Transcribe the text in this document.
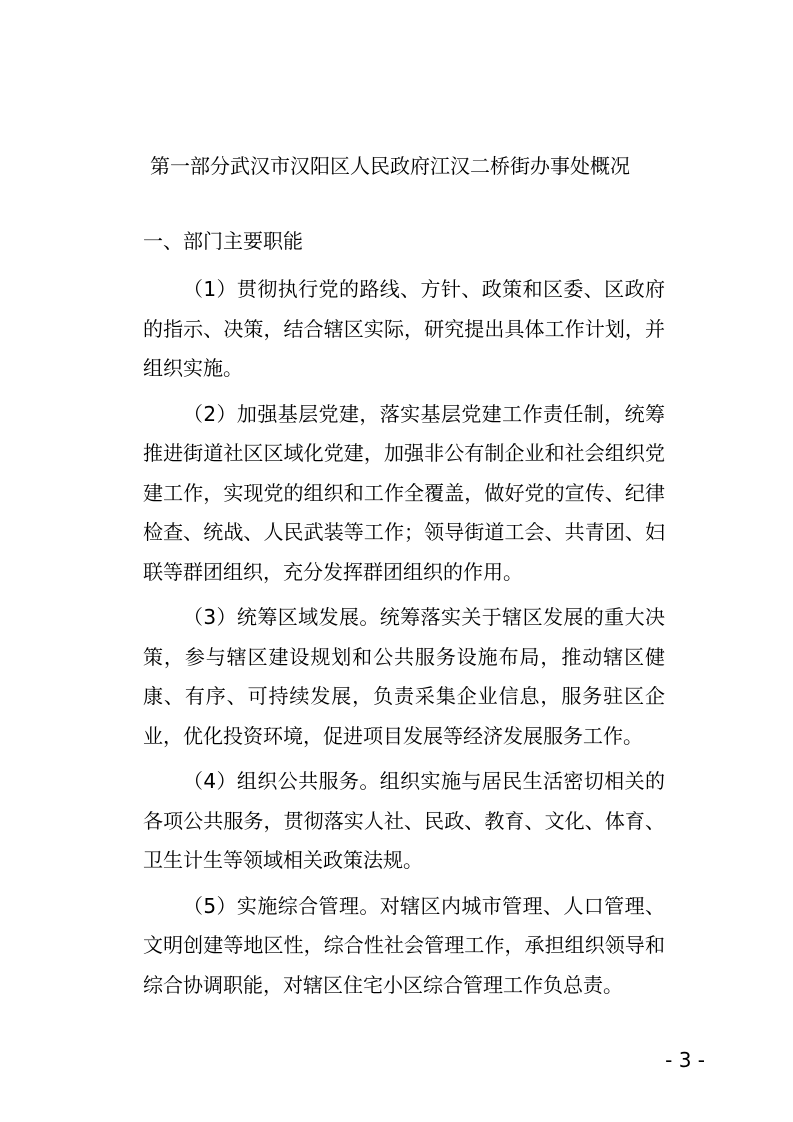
第一部分武汉市汉阳区人民政府江汉二桥街办事处概况
一、部门主要职能

（1）贯彻执行党的路线、方针、政策和区委、区政府的指示、决策，结合辖区实际，研究提出具体工作计划，并组织实施。

（2）加强基层党建，落实基层党建工作责任制，统筹推进街道社区区域化党建，加强非公有制企业和社会组织党建工作，实现党的组织和工作全覆盖，做好党的宣传、纪律检查、统战、人民武装等工作；领导街道工会、共青团、妇联等群团组织，充分发挥群团组织的作用。

（3）统筹区域发展。统筹落实关于辖区发展的重大决策，参与辖区建设规划和公共服务设施布局，推动辖区健康、有序、可持续发展，负责采集企业信息，服务驻区企业，优化投资环境，促进项目发展等经济发展服务工作。

（4）组织公共服务。组织实施与居民生活密切相关的各项公共服务，贯彻落实人社、民政、教育、文化、体育、卫生计生等领域相关政策法规。

（5）实施综合管理。对辖区内城市管理、人口管理、文明创建等地区性，综合性社会管理工作，承担组织领导和综合协调职能，对辖区住宅小区综合管理工作负总责。

- 3 -
